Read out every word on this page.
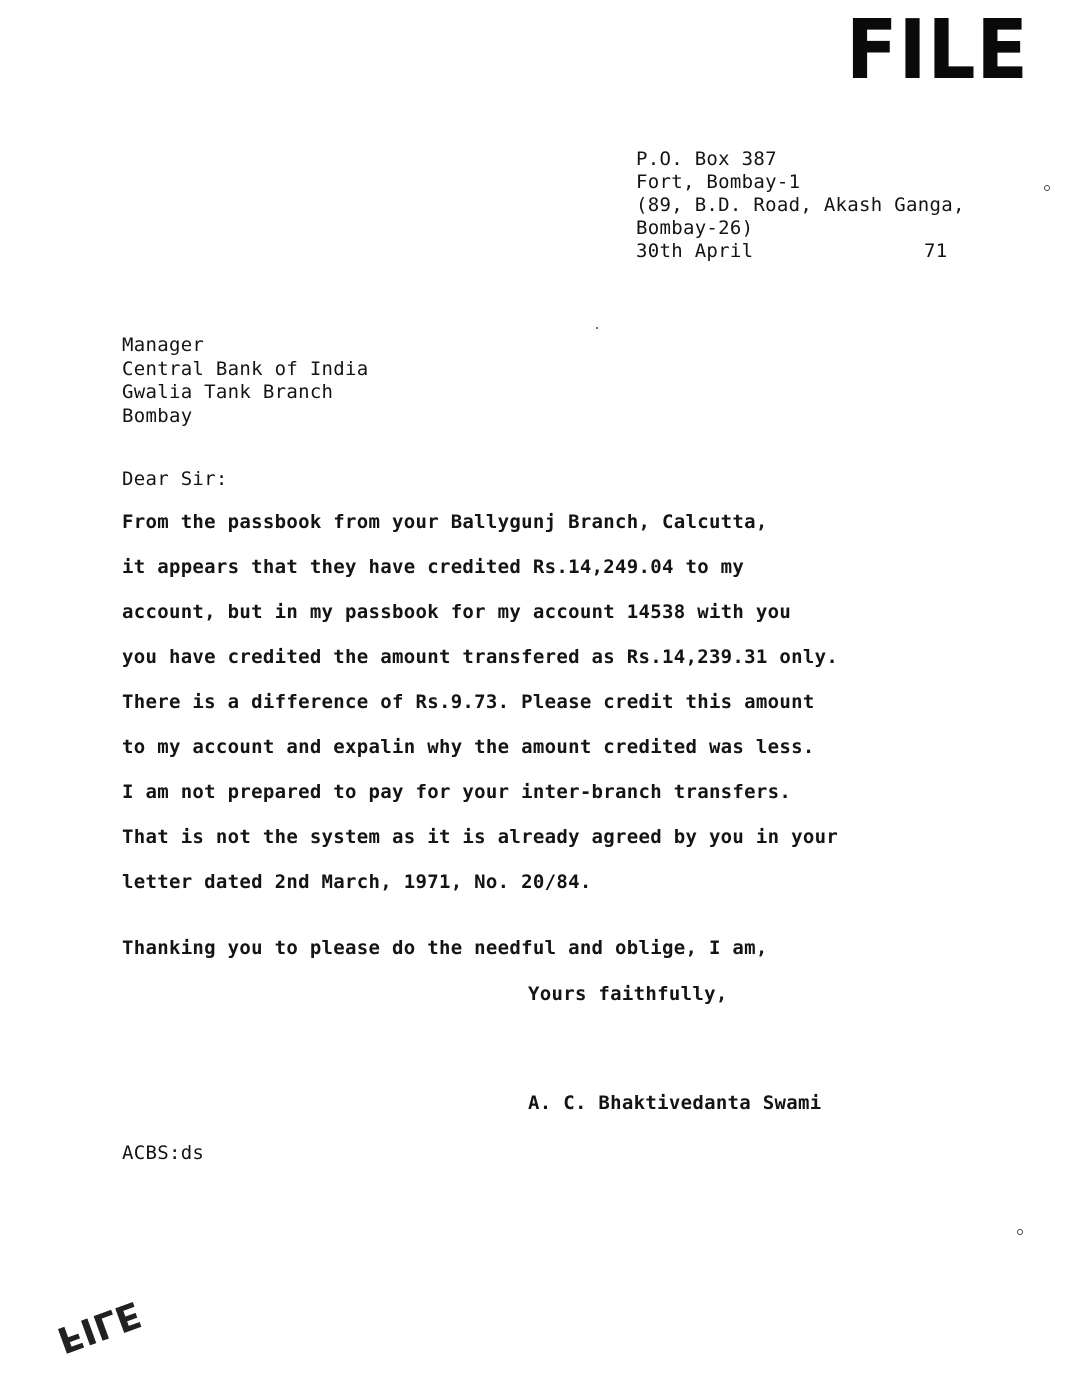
FILE
P.O. Box 387
Fort, Bombay-1
(89, B.D. Road, Akash Ganga,
Bombay-26)
30th April	71
Manager
Central Bank of India
Gwalia Tank Branch
Bombay
Dear Sir:
From the passbook from your Ballygunj Branch, Calcutta,
it appears that they have credited Rs.14,249.04 to my
account, but in my passbook for my account 14538 with you
you have credited the amount transfered as Rs.14,239.31 only.
There is a difference of Rs.9.73. Please credit this amount
to my account and expalin why the amount credited was less.
I am not prepared to pay for your inter-branch transfers.
That is not the system as it is already agreed by you in your
letter dated 2nd March, 1971, No. 20/84.
Thanking you to please do the needful and oblige, I am,
Yours faithfully,
A. C. Bhaktivedanta Swami
ACBS:ds
FILE
